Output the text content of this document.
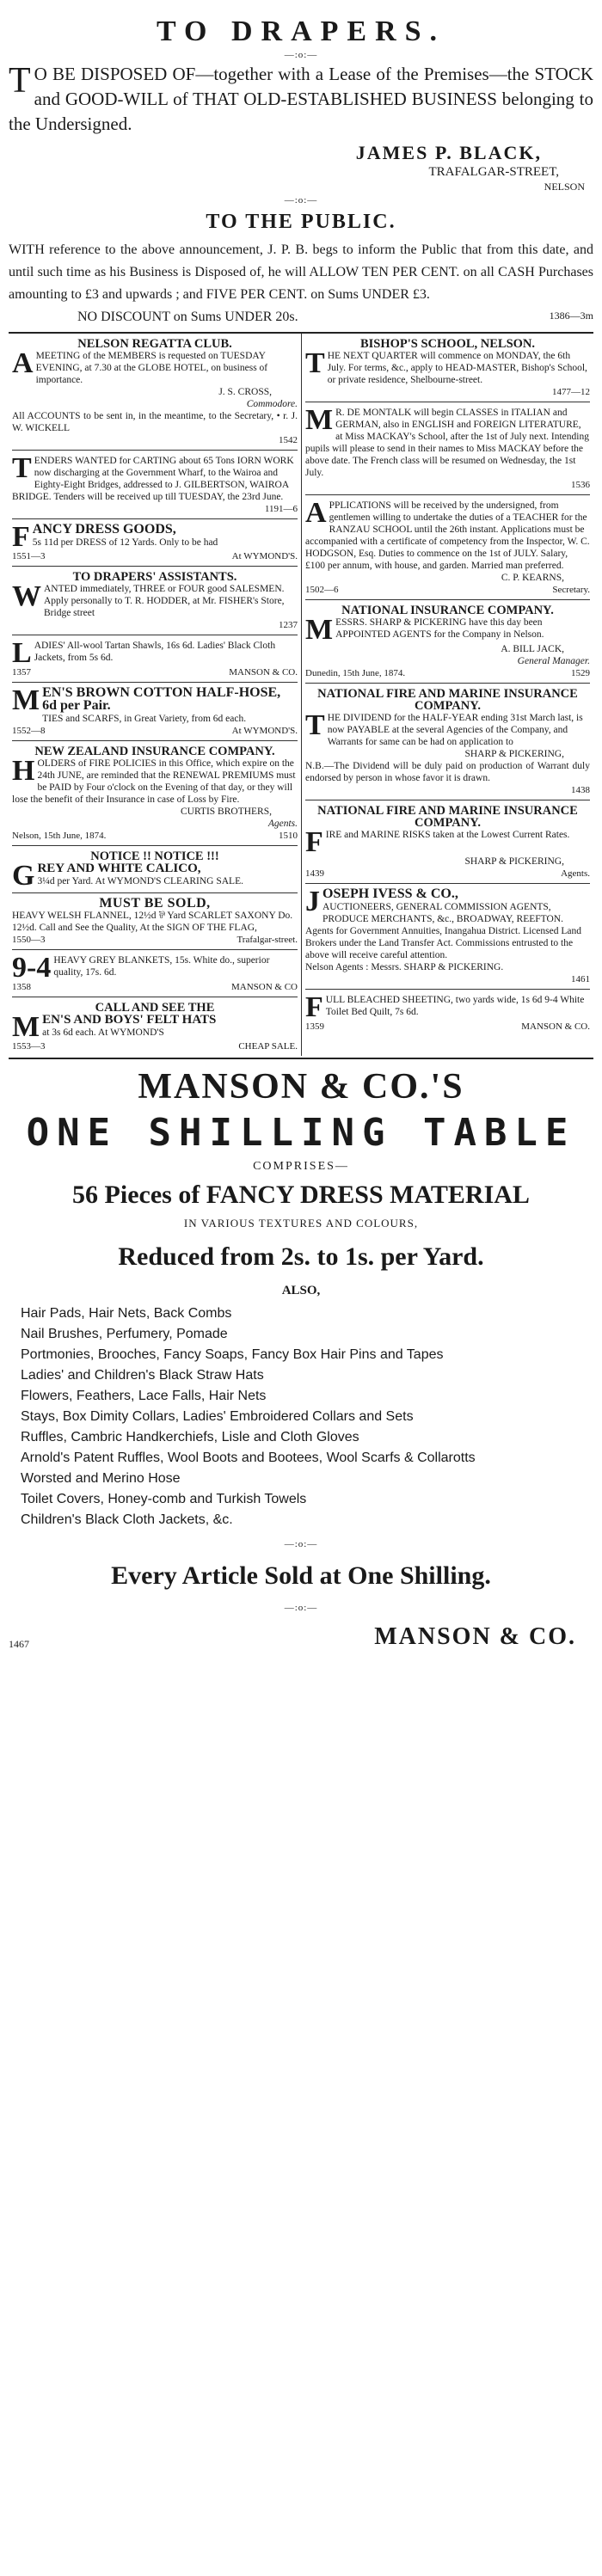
TO DRAPERS.
—:o:—
T O BE DISPOSED OF—together with a Lease of the Premises—the STOCK and GOOD-WILL of THAT OLD-ESTABLISHED BUSINESS belonging to the Undersigned.
JAMES P. BLACK,
TRAFALGAR-STREET,
NELSON
—:o:—
TO THE PUBLIC.
WITH reference to the above announcement, J. P. B. begs to inform the Public that from this date, and until such time as his Business is Disposed of, he will ALLOW TEN PER CENT. on all CASH Purchases amounting to £3 and upwards ; and FIVE PER CENT. on Sums UNDER £3.
NO DISCOUNT on Sums UNDER 20s.	1386—3m
NELSON REGATTA CLUB.
AMEETING of the MEMBERS is requested on TUESDAY EVENING, at 7.30 at the GLOBE HOTEL, on business of importance.
J. S. CROSS,
Commodore.
All ACCOUNTS to be sent in, in the meantime, to the Secretary, • r. J. W. WICKELL
1542
TENDERS WANTED for CARTING about 65 Tons IORN WORK now discharging at the Government Wharf, to the Wairoa and Eighty-Eight Bridges, addressed to J. GILBERTSON, WAIROA BRIDGE. Tenders will be received up till TUESDAY, the 23rd June.
1191—6
FANCY DRESS GOODS,
5s 11d per DRESS of 12 Yards. Only to be had
1551—3	At WYMOND'S.
TO DRAPERS' ASSISTANTS.
WANTED immediately, THREE or FOUR good SALESMEN. Apply personally to T. R. HODDER, at Mr. FISHER's Store, Bridge street
1237
LADIES' All-wool Tartan Shawls, 16s 6d. Ladies' Black Cloth Jackets, from 5s 6d.
1357	MANSON & CO.
MEN'S BROWN COTTON HALF-HOSE, 6d per Pair.
TIES and SCARFS, in Great Variety, from 6d each.
1552—8	At WYMOND'S.
NEW ZEALAND INSURANCE COMPANY.
HOLDERS of FIRE POLICIES in this Office, which expire on the 24th JUNE, are reminded that the RENEWAL PREMIUMS must be PAID by Four o'clock on the Evening of that day, or they will lose the benefit of their Insurance in case of Loss by Fire.
CURTIS BROTHERS,
Agents.
Nelson, 15th June, 1874.	1510
NOTICE !! NOTICE !!!
GREY AND WHITE CALICO,
3¼d per Yard. At WYMOND'S CLEARING SALE.
MUST BE SOLD,
HEAVY WELSH FLANNEL, 12½d ⅌ Yard SCARLET SAXONY Do. 12½d. Call and See the Quality, At the SIGN OF THE FLAG,
1550—3	Trafalgar-street.
9-4 HEAVY GREY BLANKETS, 15s. White do., superior quality, 17s. 6d.
1358	MANSON & CO
CALL AND SEE THE
MEN'S AND BOYS' FELT HATS
at 3s 6d each. At WYMOND'S
1553—3	CHEAP SALE.
BISHOP'S SCHOOL, NELSON.
THE NEXT QUARTER will commence on MONDAY, the 6th July. For terms, &c., apply to HEAD-MASTER, Bishop's School, or private residence, Shelbourne-street.
1477—12
M R. DE MONTALK will begin CLASSES in ITALIAN and GERMAN, also in ENGLISH and FOREIGN LITERATURE, at Miss MACKAY's School, after the 1st of July next. Intending pupils will please to send in their names to Miss MACKAY before the above date. The French class will be resumed on Wednesday, the 1st July.
1536
APPLICATIONS will be received by the undersigned, from gentlemen willing to undertake the duties of a TEACHER for the RANZAU SCHOOL until the 26th instant. Applications must be accompanied with a certificate of competency from the Inspector, W. C. HODGSON, Esq. Duties to commence on the 1st of JULY. Salary, £100 per annum, with house, and garden. Married man preferred.
C. P. KEARNS,
1502—6	Secretary.
NATIONAL INSURANCE COMPANY.
MESSRS. SHARP & PICKERING have this day been APPOINTED AGENTS for the Company in Nelson.
A. BILL JACK,
General Manager.
Dunedin, 15th June, 1874.	1529
NATIONAL FIRE AND MARINE INSURANCE COMPANY.
THE DIVIDEND for the HALF-YEAR ending 31st March last, is now PAYABLE at the several Agencies of the Company, and Warrants for same can be had on application to
SHARP & PICKERING,
N.B.—The Dividend will be duly paid on production of Warrant duly endorsed by person in whose favor it is drawn.
1438
NATIONAL FIRE AND MARINE INSURANCE COMPANY.
FIRE and MARINE RISKS taken at the Lowest Current Rates.
SHARP & PICKERING,
1439	Agents.
JOSEPH IVESS & CO.,
AUCTIONEERS, GENERAL COMMISSION AGENTS, PRODUCE MERCHANTS, &c., BROADWAY, REEFTON. Agents for Government Annuities, Inangahua District. Licensed Land Brokers under the Land Transfer Act. Commissions entrusted to the above will receive careful attention.
Nelson Agents : Messrs. SHARP & PICKERING.
1461
FULL BLEACHED SHEETING, two yards wide, 1s 6d 9-4 White Toilet Bed Quilt, 7s 6d.
1359	MANSON & CO.
MANSON & CO.'S
ONE SHILLING TABLE
COMPRISES—
56 Pieces of FANCY DRESS MATERIAL
IN VARIOUS TEXTURES AND COLOURS,
Reduced from 2s. to 1s. per Yard.
ALSO,
Hair Pads, Hair Nets, Back Combs
Nail Brushes, Perfumery, Pomade
Portmonies, Brooches, Fancy Soaps, Fancy Box Hair Pins and Tapes
Ladies' and Children's Black Straw Hats
Flowers, Feathers, Lace Falls, Hair Nets
Stays, Box Dimity Collars, Ladies' Embroidered Collars and Sets
Ruffles, Cambric Handkerchiefs, Lisle and Cloth Gloves
Arnold's Patent Ruffles, Wool Boots and Bootees, Wool Scarfs & Collarotts
Worsted and Merino Hose
Toilet Covers, Honey-comb and Turkish Towels
Children's Black Cloth Jackets, &c.
—:o:—
Every Article Sold at One Shilling.
—:o:—
1467	MANSON & CO.
